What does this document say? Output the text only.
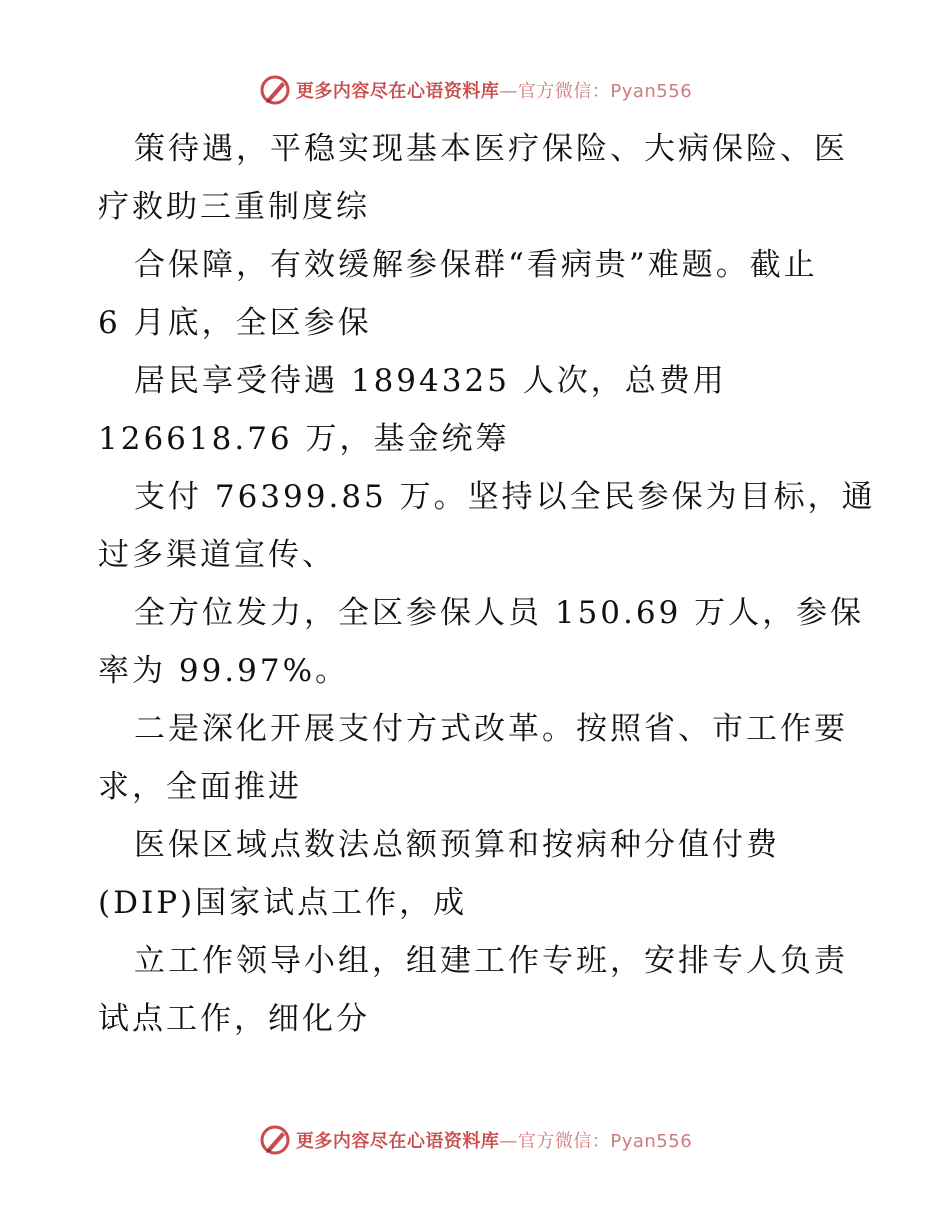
更多内容尽在心语资料库—官方微信：Pyan556
策待遇，平稳实现基本医疗保险、大病保险、医
疗救助三重制度综
合保障，有效缓解参保群“看病贵”难题。截止
6 月底，全区参保
居民享受待遇 1894325 人次，总费用
126618.76 万，基金统筹
支付 76399.85 万。坚持以全民参保为目标，通
过多渠道宣传、
全方位发力，全区参保人员 150.69 万人，参保
率为 99.97%。
二是深化开展支付方式改革。按照省、市工作要
求，全面推进
医保区域点数法总额预算和按病种分值付费
(DIP)国家试点工作，成
立工作领导小组，组建工作专班，安排专人负责
试点工作，细化分
更多内容尽在心语资料库—官方微信：Pyan556
